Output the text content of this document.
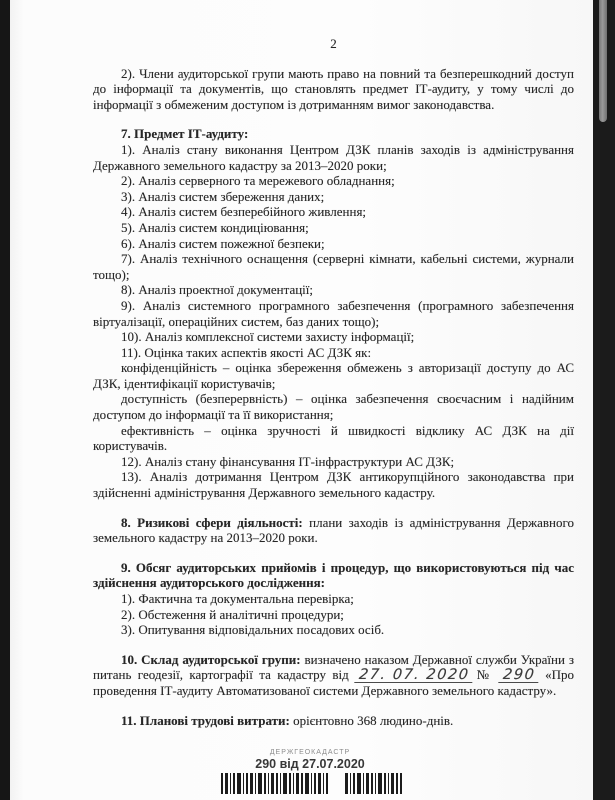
2

2). Члени аудиторської групи мають право на повний та безперешкодний доступ до інформації та документів, що становлять предмет ІТ-аудиту, у тому числі до інформації з обмеженим доступом із дотриманням вимог законодавства.

7. Предмет ІТ-аудиту:

1). Аналіз стану виконання Центром ДЗК планів заходів із адміністрування Державного земельного кадастру за 2013–2020 роки;

2). Аналіз серверного та мережевого обладнання;

3). Аналіз систем збереження даних;

4). Аналіз систем безперебійного живлення;

5). Аналіз систем кондиціювання;

6). Аналіз систем пожежної безпеки;

7). Аналіз технічного оснащення (серверні кімнати, кабельні системи, журнали тощо);

8). Аналіз проектної документації;

9). Аналіз системного програмного забезпечення (програмного забезпечення віртуалізації, операційних систем, баз даних тощо);

10). Аналіз комплексної системи захисту інформації;

11). Оцінка таких аспектів якості АС ДЗК як:

конфіденційність – оцінка збереження обмежень з авторизації доступу до АС ДЗК, ідентифікації користувачів;

доступність (безперервність) – оцінка забезпечення своєчасним і надійним доступом до інформації та її використання;

ефективність – оцінка зручності й швидкості відклику АС ДЗК на дії користувачів.

12). Аналіз стану фінансування ІТ-інфраструктури АС ДЗК;

13). Аналіз дотримання Центром ДЗК антикорупційного законодавства при здійсненні адміністрування Державного земельного кадастру.

8. Ризикові сфери діяльності: плани заходів із адміністрування Державного земельного кадастру на 2013–2020 роки.

9. Обсяг аудиторських прийомів і процедур, що використовуються під час здійснення аудиторського дослідження:

1). Фактична та документальна перевірка;

2). Обстеження й аналітичні процедури;

3). Опитування відповідальних посадових осіб.

10. Склад аудиторської групи: визначено наказом Державної служби України з питань геодезії, картографії та кадастру від 27. 07. 2020 № 290 «Про проведення ІТ-аудиту Автоматизованої системи Державного земельного кадастру».

11. Планові трудові витрати: орієнтовно 368 людино-днів.

ДЕРЖГЕОКАДАСТР
290 від 27.07.2020
